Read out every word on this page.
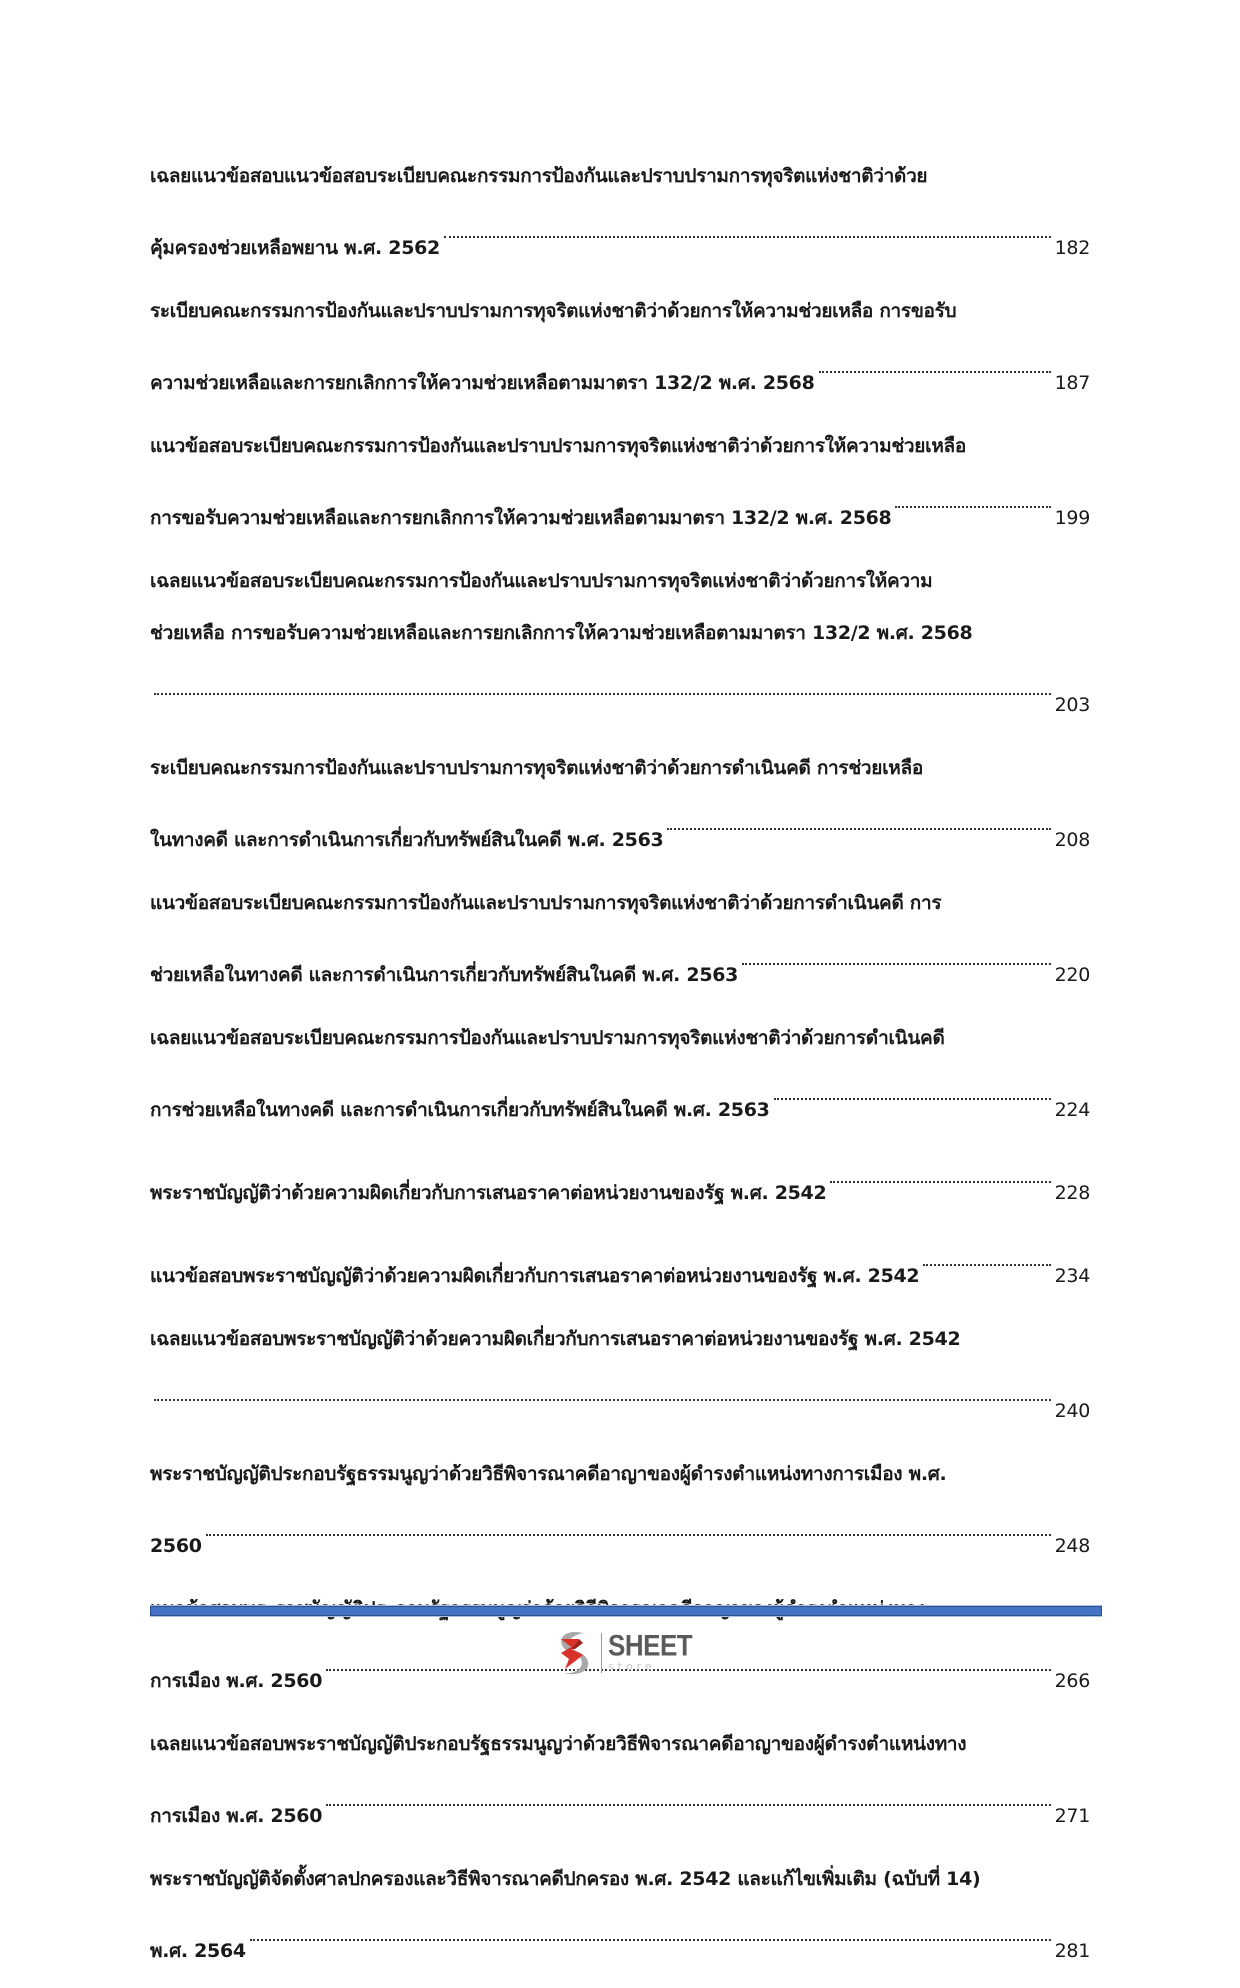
เฉลยแนวข้อสอบแนวข้อสอบระเบียบคณะกรรมการป้องกันและปราบปรามการทุจริตแห่งชาติว่าด้วย
คุ้มครองช่วยเหลือพยาน พ.ศ. 2562	182
ระเบียบคณะกรรมการป้องกันและปราบปรามการทุจริตแห่งชาติว่าด้วยการให้ความช่วยเหลือ การขอรับ
ความช่วยเหลือและการยกเลิกการให้ความช่วยเหลือตามมาตรา 132/2 พ.ศ. 2568	187
แนวข้อสอบระเบียบคณะกรรมการป้องกันและปราบปรามการทุจริตแห่งชาติว่าด้วยการให้ความช่วยเหลือ
การขอรับความช่วยเหลือและการยกเลิกการให้ความช่วยเหลือตามมาตรา 132/2 พ.ศ. 2568	199
เฉลยแนวข้อสอบระเบียบคณะกรรมการป้องกันและปราบปรามการทุจริตแห่งชาติว่าด้วยการให้ความ
ช่วยเหลือ การขอรับความช่วยเหลือและการยกเลิกการให้ความช่วยเหลือตามมาตรา 132/2 พ.ศ. 2568
203
ระเบียบคณะกรรมการป้องกันและปราบปรามการทุจริตแห่งชาติว่าด้วยการดำเนินคดี การช่วยเหลือ
ในทางคดี และการดำเนินการเกี่ยวกับทรัพย์สินในคดี พ.ศ. 2563	208
แนวข้อสอบระเบียบคณะกรรมการป้องกันและปราบปรามการทุจริตแห่งชาติว่าด้วยการดำเนินคดี การ
ช่วยเหลือในทางคดี และการดำเนินการเกี่ยวกับทรัพย์สินในคดี พ.ศ. 2563	220
เฉลยแนวข้อสอบระเบียบคณะกรรมการป้องกันและปราบปรามการทุจริตแห่งชาติว่าด้วยการดำเนินคดี
การช่วยเหลือในทางคดี และการดำเนินการเกี่ยวกับทรัพย์สินในคดี พ.ศ. 2563	224
พระราชบัญญัติว่าด้วยความผิดเกี่ยวกับการเสนอราคาต่อหน่วยงานของรัฐ พ.ศ. 2542	228
แนวข้อสอบพระราชบัญญัติว่าด้วยความผิดเกี่ยวกับการเสนอราคาต่อหน่วยงานของรัฐ พ.ศ. 2542	234
เฉลยแนวข้อสอบพระราชบัญญัติว่าด้วยความผิดเกี่ยวกับการเสนอราคาต่อหน่วยงานของรัฐ พ.ศ. 2542
240
พระราชบัญญัติประกอบรัฐธรรมนูญว่าด้วยวิธีพิจารณาคดีอาญาของผู้ดำรงตำแหน่งทางการเมือง พ.ศ.
2560	248
การเมือง พ.ศ. 2560	266
เฉลยแนวข้อสอบพระราชบัญญัติประกอบรัฐธรรมนูญว่าด้วยวิธีพิจารณาคดีอาญาของผู้ดำรงตำแหน่งทาง
การเมือง พ.ศ. 2560	271
พระราชบัญญัติจัดตั้งศาลปกครองและวิธีพิจารณาคดีปกครอง พ.ศ. 2542 และแก้ไขเพิ่มเติม (ฉบับที่ 14)
พ.ศ. 2564	281
SHEET
store
